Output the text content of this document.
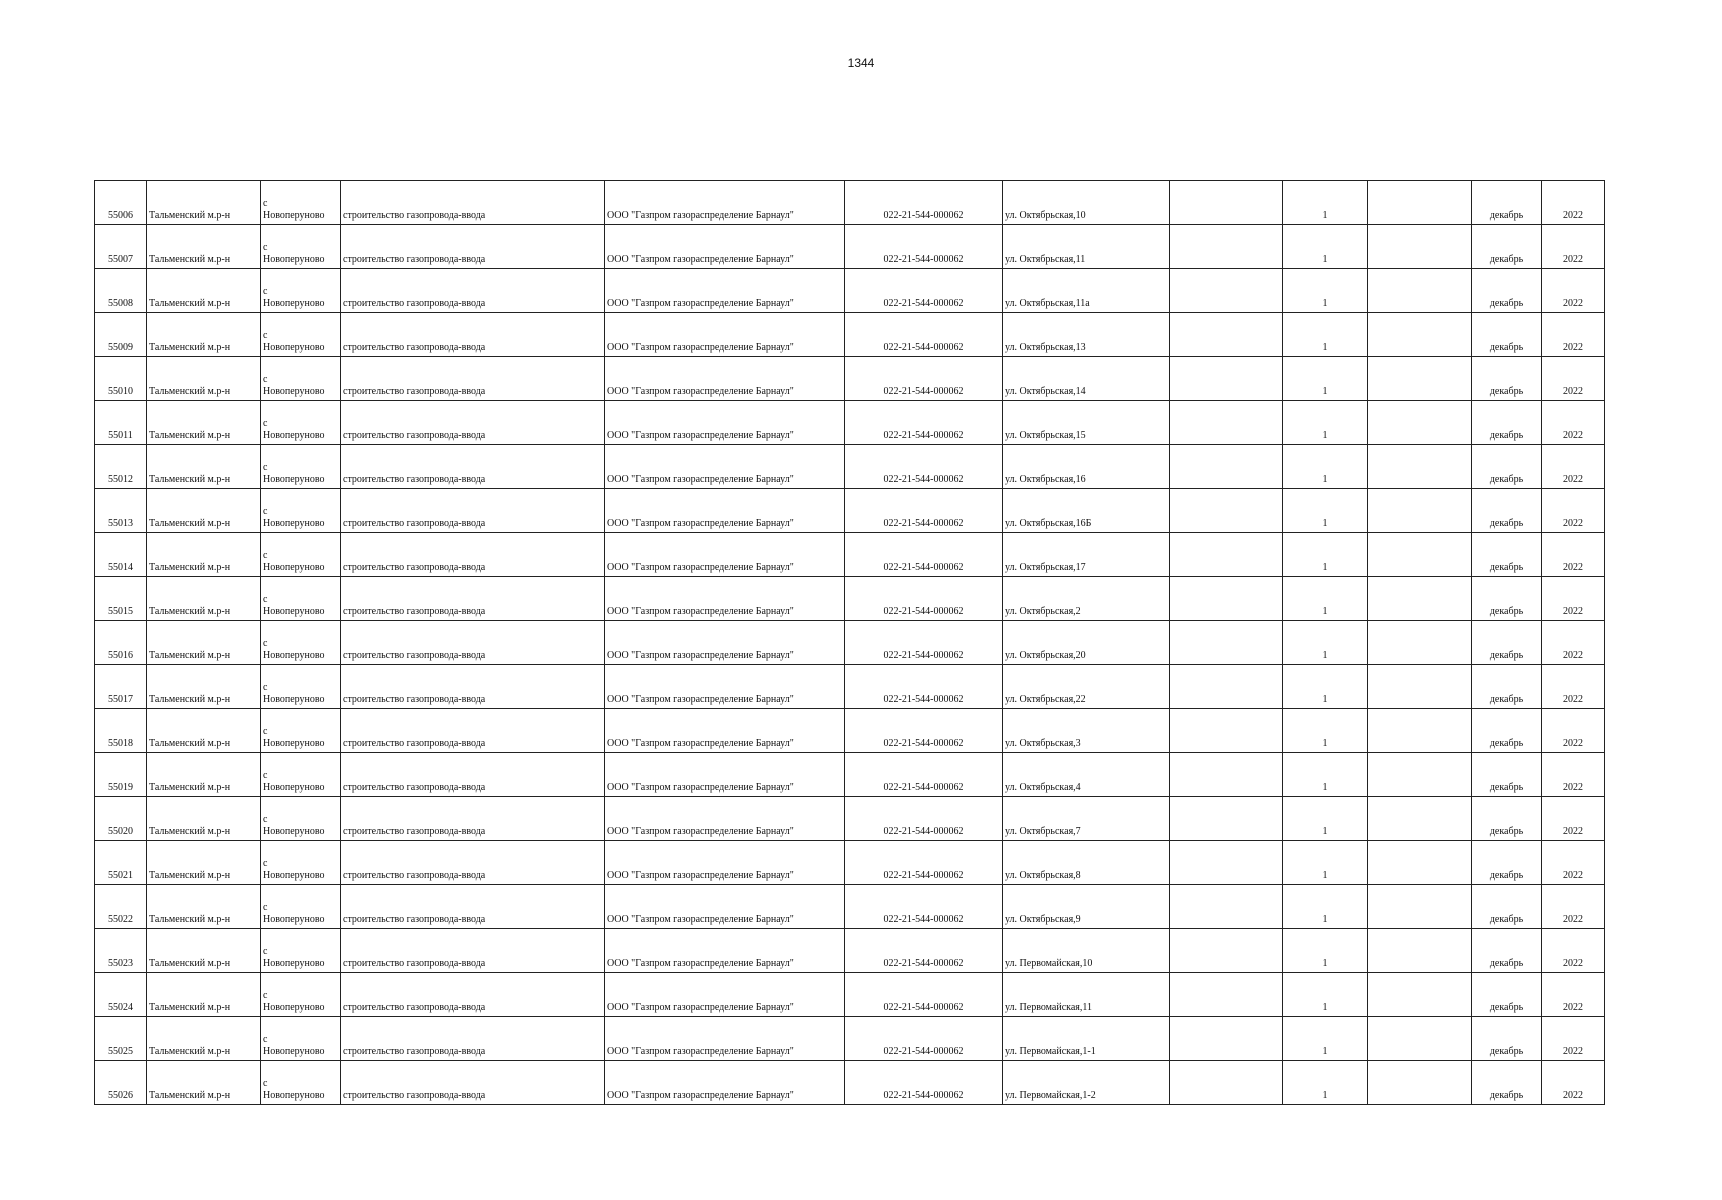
1344
55006	Тальменский м.р-н	с
Новоперуново	строительство газопровода-ввода	ООО "Газпром газораспределение Барнаул"	022-21-544-000062	ул. Октябрьская,10		1		декабрь	2022
55007	Тальменский м.р-н	с
Новоперуново	строительство газопровода-ввода	ООО "Газпром газораспределение Барнаул"	022-21-544-000062	ул. Октябрьская,11		1		декабрь	2022
55008	Тальменский м.р-н	с
Новоперуново	строительство газопровода-ввода	ООО "Газпром газораспределение Барнаул"	022-21-544-000062	ул. Октябрьская,11а		1		декабрь	2022
55009	Тальменский м.р-н	с
Новоперуново	строительство газопровода-ввода	ООО "Газпром газораспределение Барнаул"	022-21-544-000062	ул. Октябрьская,13		1		декабрь	2022
55010	Тальменский м.р-н	с
Новоперуново	строительство газопровода-ввода	ООО "Газпром газораспределение Барнаул"	022-21-544-000062	ул. Октябрьская,14		1		декабрь	2022
55011	Тальменский м.р-н	с
Новоперуново	строительство газопровода-ввода	ООО "Газпром газораспределение Барнаул"	022-21-544-000062	ул. Октябрьская,15		1		декабрь	2022
55012	Тальменский м.р-н	с
Новоперуново	строительство газопровода-ввода	ООО "Газпром газораспределение Барнаул"	022-21-544-000062	ул. Октябрьская,16		1		декабрь	2022
55013	Тальменский м.р-н	с
Новоперуново	строительство газопровода-ввода	ООО "Газпром газораспределение Барнаул"	022-21-544-000062	ул. Октябрьская,16Б		1		декабрь	2022
55014	Тальменский м.р-н	с
Новоперуново	строительство газопровода-ввода	ООО "Газпром газораспределение Барнаул"	022-21-544-000062	ул. Октябрьская,17		1		декабрь	2022
55015	Тальменский м.р-н	с
Новоперуново	строительство газопровода-ввода	ООО "Газпром газораспределение Барнаул"	022-21-544-000062	ул. Октябрьская,2		1		декабрь	2022
55016	Тальменский м.р-н	с
Новоперуново	строительство газопровода-ввода	ООО "Газпром газораспределение Барнаул"	022-21-544-000062	ул. Октябрьская,20		1		декабрь	2022
55017	Тальменский м.р-н	с
Новоперуново	строительство газопровода-ввода	ООО "Газпром газораспределение Барнаул"	022-21-544-000062	ул. Октябрьская,22		1		декабрь	2022
55018	Тальменский м.р-н	с
Новоперуново	строительство газопровода-ввода	ООО "Газпром газораспределение Барнаул"	022-21-544-000062	ул. Октябрьская,3		1		декабрь	2022
55019	Тальменский м.р-н	с
Новоперуново	строительство газопровода-ввода	ООО "Газпром газораспределение Барнаул"	022-21-544-000062	ул. Октябрьская,4		1		декабрь	2022
55020	Тальменский м.р-н	с
Новоперуново	строительство газопровода-ввода	ООО "Газпром газораспределение Барнаул"	022-21-544-000062	ул. Октябрьская,7		1		декабрь	2022
55021	Тальменский м.р-н	с
Новоперуново	строительство газопровода-ввода	ООО "Газпром газораспределение Барнаул"	022-21-544-000062	ул. Октябрьская,8		1		декабрь	2022
55022	Тальменский м.р-н	с
Новоперуново	строительство газопровода-ввода	ООО "Газпром газораспределение Барнаул"	022-21-544-000062	ул. Октябрьская,9		1		декабрь	2022
55023	Тальменский м.р-н	с
Новоперуново	строительство газопровода-ввода	ООО "Газпром газораспределение Барнаул"	022-21-544-000062	ул. Первомайская,10		1		декабрь	2022
55024	Тальменский м.р-н	с
Новоперуново	строительство газопровода-ввода	ООО "Газпром газораспределение Барнаул"	022-21-544-000062	ул. Первомайская,11		1		декабрь	2022
55025	Тальменский м.р-н	с
Новоперуново	строительство газопровода-ввода	ООО "Газпром газораспределение Барнаул"	022-21-544-000062	ул. Первомайская,1-1		1		декабрь	2022
55026	Тальменский м.р-н	с
Новоперуново	строительство газопровода-ввода	ООО "Газпром газораспределение Барнаул"	022-21-544-000062	ул. Первомайская,1-2		1		декабрь	2022
